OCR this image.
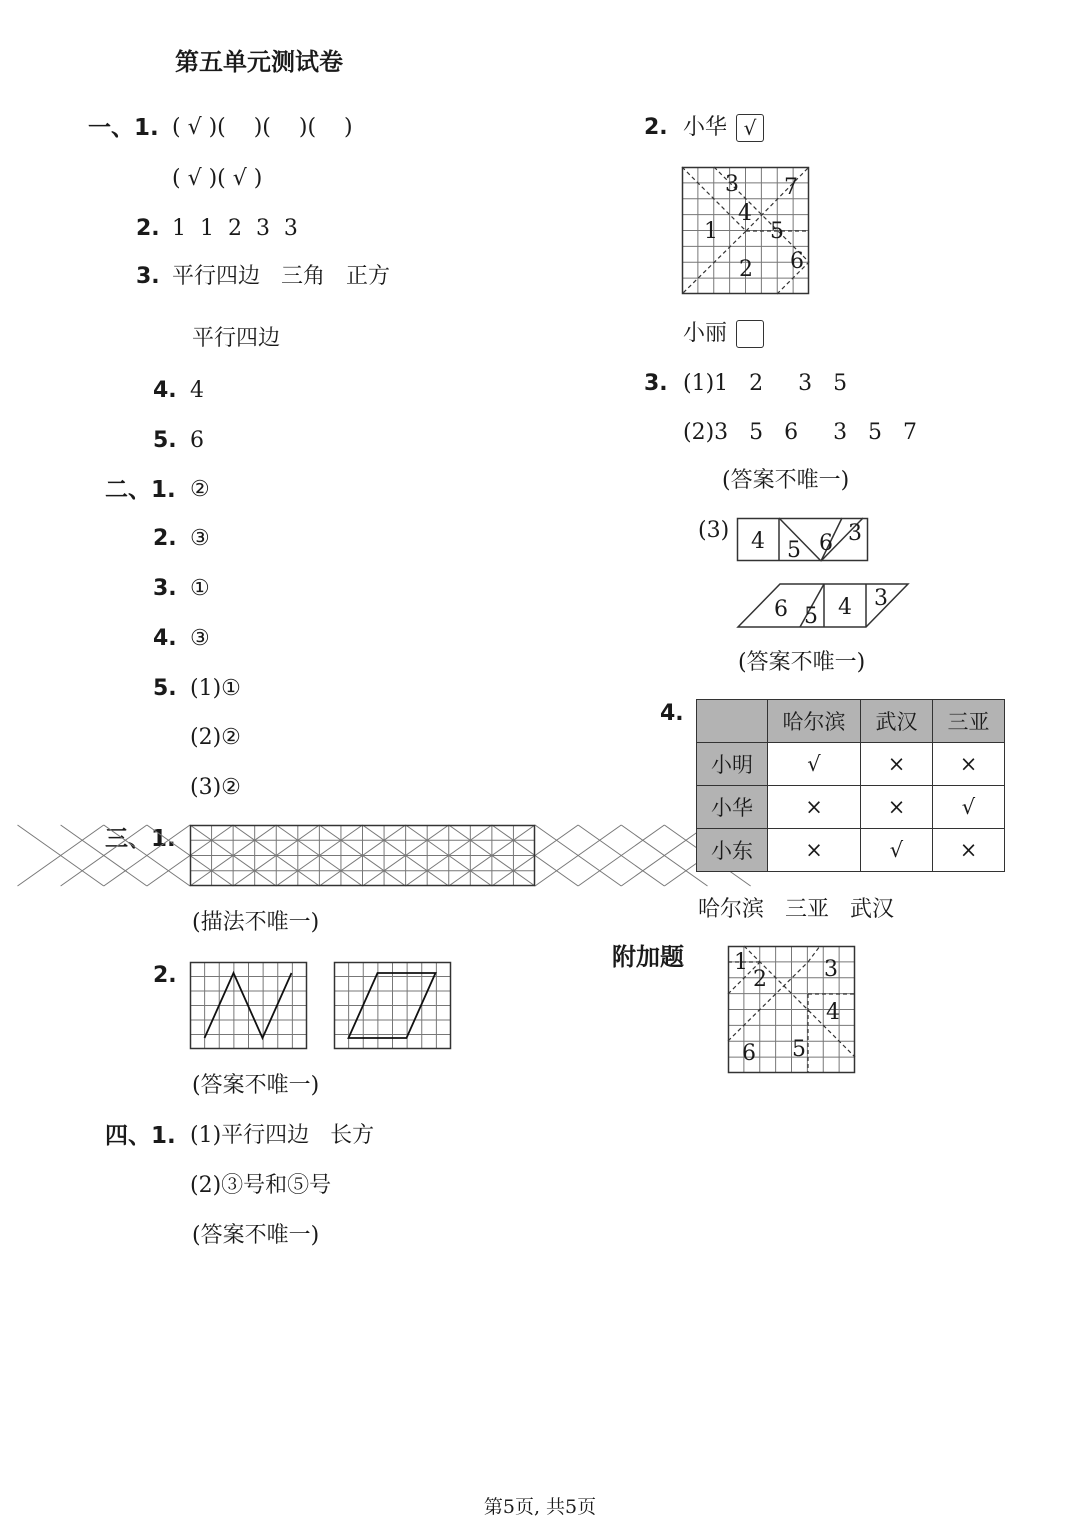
第五单元测试卷
一、1. ( √ )(    )(    )(    )
( √ )( √ )
2. 1  1  2  3  3
3. 平行四边   三角   正方
平行四边
4. 4
5. 6
二、1. ②
2. ③
3. ①
4. ③
5. (1)①
(2)②
(3)②
三、1.
(描法不唯一)
2.
(答案不唯一)
四、1. (1)平行四边   长方
(2)③号和⑤号
(答案不唯一)
2. 小华 √
3 7
4
1 5
2 6
小丽
3. (1)1   2     3   5
(2)3   5   6     3   5   7
(答案不唯一)
(3) 4 5 6 3
6 5 4 3
(答案不唯一)
4.
		哈尔滨	武汉	三亚
小明	√	×	×
小华	×	×	√
小东	×	√	×
哈尔滨   三亚   武汉
附加题 1
2	3
4
6 5
第5页, 共5页
